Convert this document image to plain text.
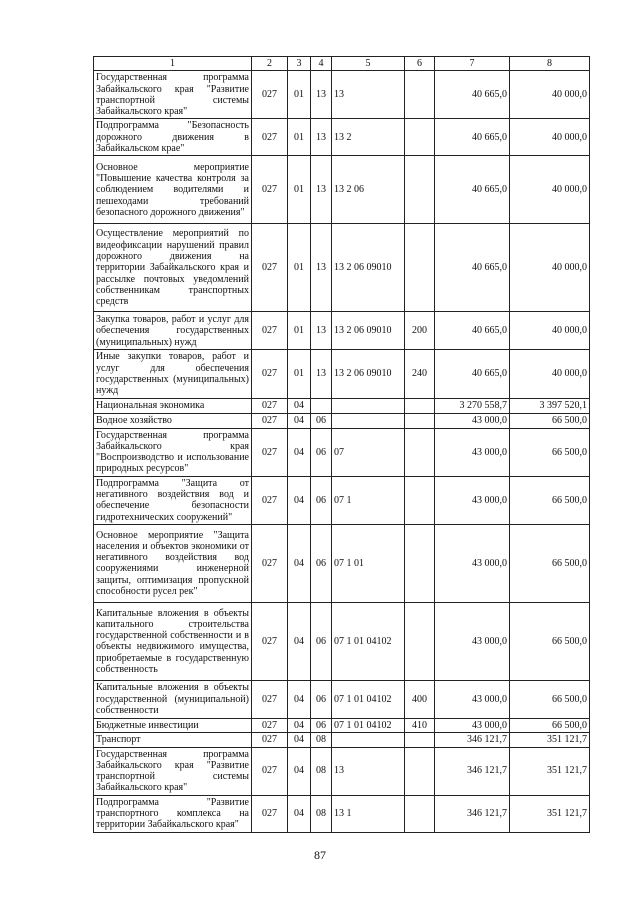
1	2	3	4	5	6	7	8
Государственная программа Забайкальского края "Развитие транспортной системы Забайкальского края"	027	01	13	13		40 665,0	40 000,0
Подпрограмма "Безопасность дорожного движения в Забайкальском крае"	027	01	13	13 2		40 665,0	40 000,0
Основное мероприятие "Повышение качества контроля за соблюдением водителями и пешеходами требований безопасного дорожного движения"	027	01	13	13 2 06		40 665,0	40 000,0
Осуществление мероприятий по видеофиксации нарушений правил дорожного движения на территории Забайкальского края и рассылке почтовых уведомлений собственникам транспортных средств	027	01	13	13 2 06 09010		40 665,0	40 000,0
Закупка товаров, работ и услуг для обеспечения государственных (муниципальных) нужд	027	01	13	13 2 06 09010	200	40 665,0	40 000,0
Иные закупки товаров, работ и услуг для обеспечения государственных (муниципальных) нужд	027	01	13	13 2 06 09010	240	40 665,0	40 000,0
Национальная экономика	027	04				3 270 558,7	3 397 520,1
Водное хозяйство	027	04	06			43 000,0	66 500,0
Государственная программа Забайкальского края "Воспроизводство и использование природных ресурсов"	027	04	06	07		43 000,0	66 500,0
Подпрограмма "Защита от негативного воздействия вод и обеспечение безопасности гидротехнических сооружений"	027	04	06	07 1		43 000,0	66 500,0
Основное мероприятие "Защита населения и объектов экономики от негативного воздействия вод сооружениями инженерной защиты, оптимизация пропускной способности русел рек"	027	04	06	07 1 01		43 000,0	66 500,0
Капитальные вложения в объекты капитального строительства государственной собственности и в объекты недвижимого имущества, приобретаемые в государственную собственность	027	04	06	07 1 01 04102		43 000,0	66 500,0
Капитальные вложения в объекты государственной (муниципальной) собственности	027	04	06	07 1 01 04102	400	43 000,0	66 500,0
Бюджетные инвестиции	027	04	06	07 1 01 04102	410	43 000,0	66 500,0
Транспорт	027	04	08			346 121,7	351 121,7
Государственная программа Забайкальского края "Развитие транспортной системы Забайкальского края"	027	04	08	13		346 121,7	351 121,7
Подпрограмма "Развитие транспортного комплекса на территории Забайкальского края"	027	04	08	13 1		346 121,7	351 121,7
87
